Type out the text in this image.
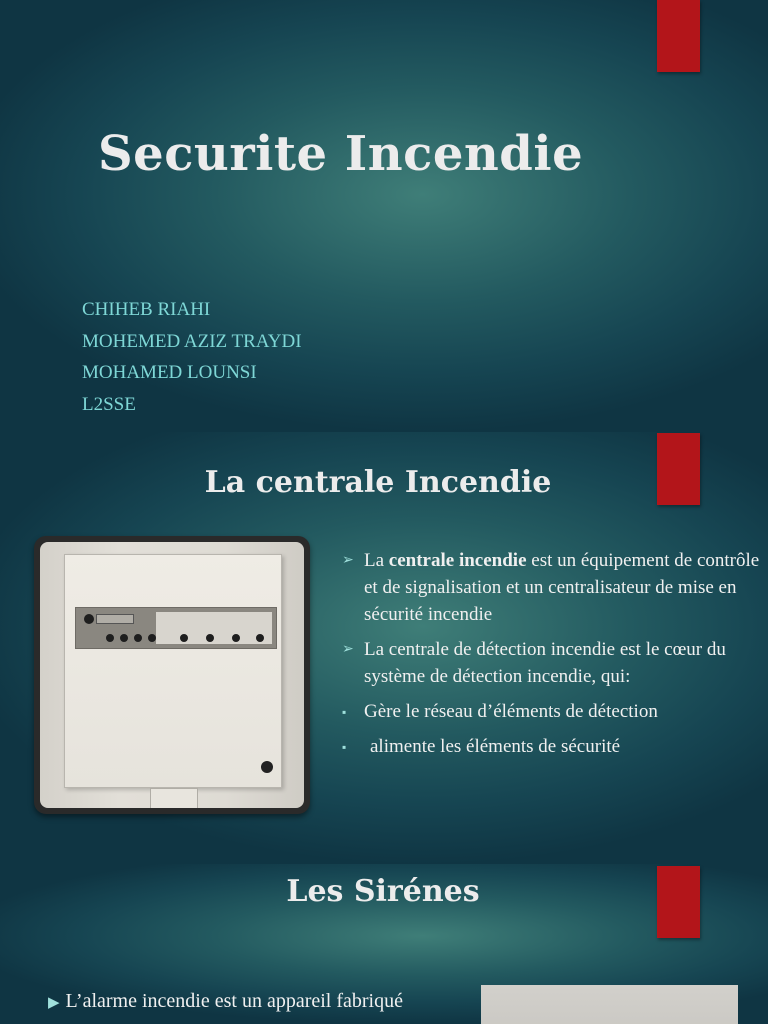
Securite Incendie
CHIHEB RIAHI
MOHEMED AZIZ TRAYDI
MOHAMED LOUNSI
L2SSE
La centrale Incendie
➢ La centrale incendie est un équipement de contrôle et de signalisation et un centralisateur de mise en sécurité incendie
➢ La centrale de détection incendie est le cœur du système de détection incendie, qui:
▪ Gère le réseau d’éléments de détection
▪ alimente les éléments de sécurité
Les Sirénes
▶ L’alarme incendie est un appareil fabriqué
